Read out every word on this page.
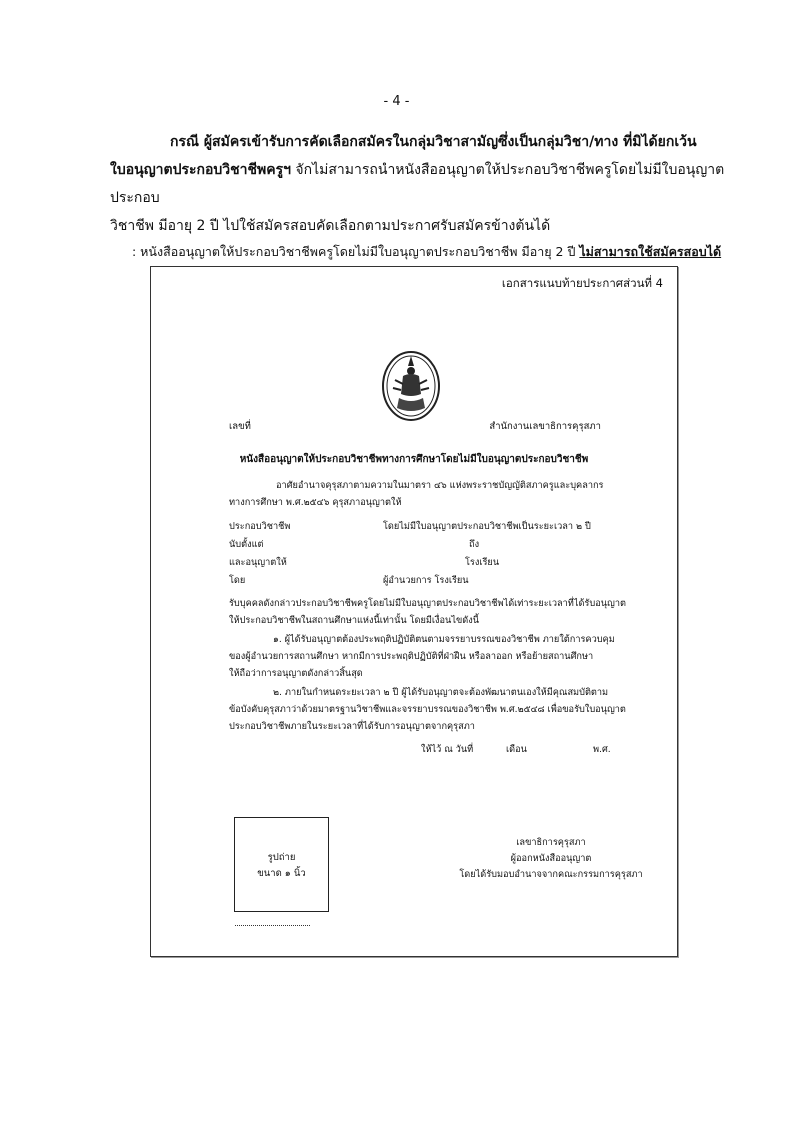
- 4 -
กรณี ผู้สมัครเข้ารับการคัดเลือกสมัครในกลุ่มวิชาสามัญซึ่งเป็นกลุ่มวิชา/ทาง ที่มิได้ยกเว้น
ใบอนุญาตประกอบวิชาชีพครูฯ จักไม่สามารถนำหนังสืออนุญาตให้ประกอบวิชาชีพครูโดยไม่มีใบอนุญาตประกอบ
วิชาชีพ มีอายุ 2 ปี ไปใช้สมัครสอบคัดเลือกตามประกาศรับสมัครข้างต้นได้
: หนังสืออนุญาตให้ประกอบวิชาชีพครูโดยไม่มีใบอนุญาตประกอบวิชาชีพ มีอายุ 2 ปี ไม่สามารถใช้สมัครสอบได้
เอกสารแนบท้ายประกาศส่วนที่ 4
เลขที่	สำนักงานเลขาธิการคุรุสภา
หนังสืออนุญาตให้ประกอบวิชาชีพทางการศึกษาโดยไม่มีใบอนุญาตประกอบวิชาชีพ
อาศัยอำนาจคุรุสภาตามความในมาตรา ๔๖ แห่งพระราชบัญญัติสภาครูและบุคลากร
ทางการศึกษา พ.ศ.๒๕๔๖ คุรุสภาอนุญาตให้
ประกอบวิชาชีพ	โดยไม่มีใบอนุญาตประกอบวิชาชีพเป็นระยะเวลา ๒ ปี
นับตั้งแต่	ถึง
และอนุญาตให้	โรงเรียน
โดย	ผู้อำนวยการ โรงเรียน
รับบุคคลดังกล่าวประกอบวิชาชีพครูโดยไม่มีใบอนุญาตประกอบวิชาชีพได้เท่าระยะเวลาที่ได้รับอนุญาต
ให้ประกอบวิชาชีพในสถานศึกษาแห่งนี้เท่านั้น โดยมีเงื่อนไขดังนี้
๑. ผู้ได้รับอนุญาตต้องประพฤติปฏิบัติตนตามจรรยาบรรณของวิชาชีพ ภายใต้การควบคุม
ของผู้อำนวยการสถานศึกษา หากมีการประพฤติปฏิบัติที่ฝ่าฝืน หรือลาออก หรือย้ายสถานศึกษา
ให้ถือว่าการอนุญาตดังกล่าวสิ้นสุด
๒. ภายในกำหนดระยะเวลา ๒ ปี ผู้ได้รับอนุญาตจะต้องพัฒนาตนเองให้มีคุณสมบัติตาม
ข้อบังคับคุรุสภาว่าด้วยมาตรฐานวิชาชีพและจรรยาบรรณของวิชาชีพ พ.ศ.๒๕๔๘ เพื่อขอรับใบอนุญาต
ประกอบวิชาชีพภายในระยะเวลาที่ได้รับการอนุญาตจากคุรุสภา
ให้ไว้ ณ วันที่	เดือน	พ.ศ.
รูปถ่าย
ขนาด ๑ นิ้ว
เลขาธิการคุรุสภา
ผู้ออกหนังสืออนุญาต
โดยได้รับมอบอำนาจจากคณะกรรมการคุรุสภา
